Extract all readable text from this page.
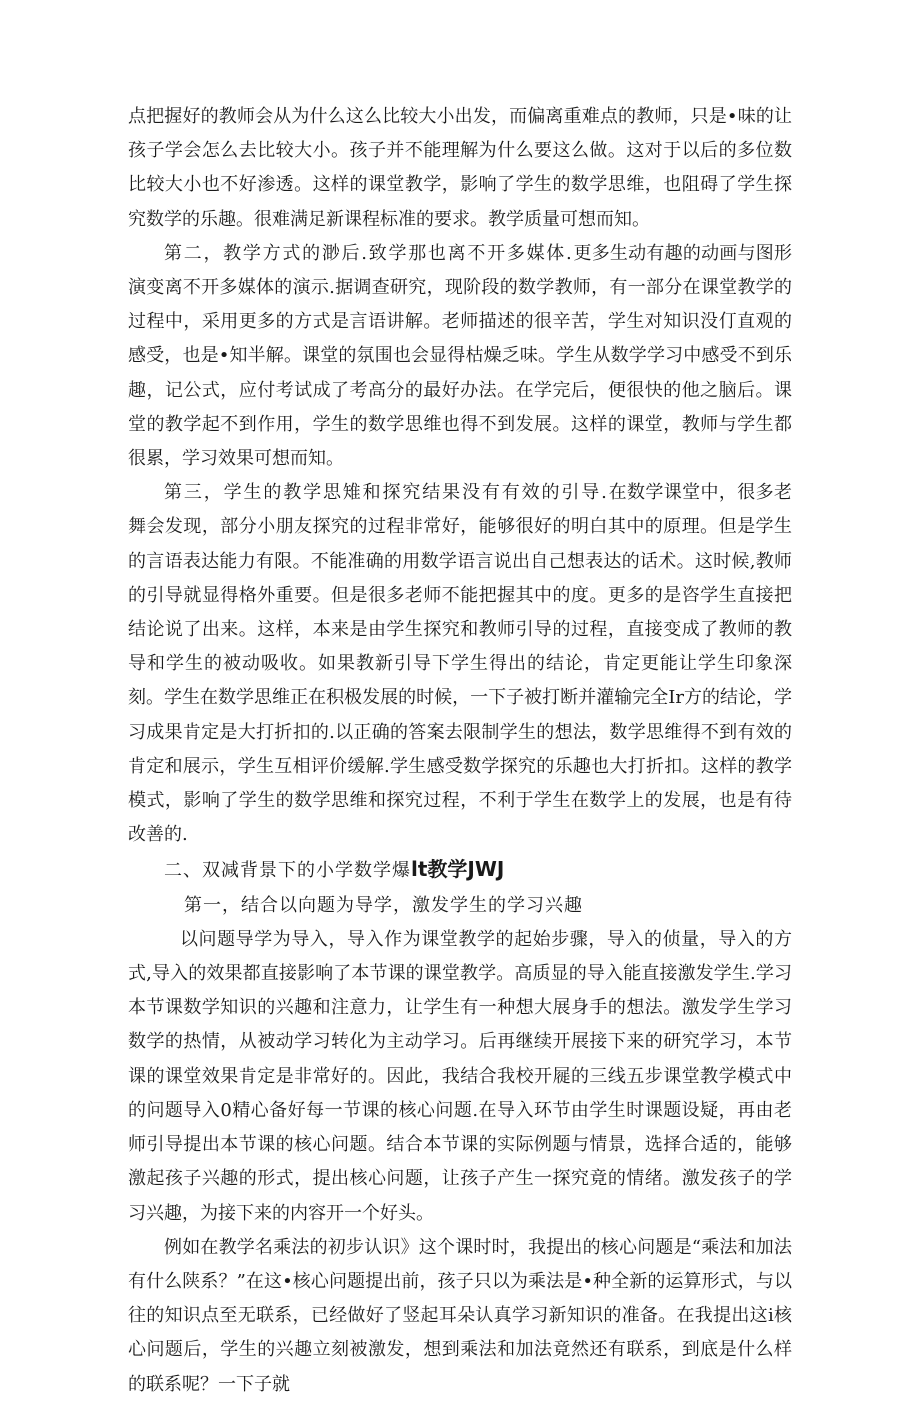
点把握好的教师会从为什么这么比较大小出发，而偏离重难点的教师，只是•味的让孩子学会怎么去比较大小。孩子并不能理解为什么要这么做。这对于以后的多位数比较大小也不好渗透。这样的课堂教学，影响了学生的数学思维，也阻碍了学生探究数学的乐趣。很难满足新课程标准的要求。教学质量可想而知。

第二，教学方式的渺后.致学那也离不开多媒体.更多生动有趣的动画与图形演变离不开多媒体的演示.据调查研究，现阶段的数学教师，有一部分在课堂教学的过程中，采用更多的方式是言语讲解。老师描述的很辛苦，学生对知识没仃直观的感受，也是•知半解。课堂的氛围也会显得枯燥乏味。学生从数学学习中感受不到乐趣，记公式，应付考试成了考高分的最好办法。在学完后，便很快的他之脑后。课堂的教学起不到作用，学生的数学思维也得不到发展。这样的课堂，教师与学生都很累，学习效果可想而知。

第三，学生的教学思雉和探究结果没有有效的引导.在数学课堂中，很多老舞会发现，部分小朋友探究的过程非常好，能够很好的明白其中的原理。但是学生的言语表达能力有限。不能准确的用数学语言说出自己想表达的话术。这时候,教师的引导就显得格外重要。但是很多老师不能把握其中的度。更多的是咨学生直接把结论说了出来。这样，本来是由学生探究和教师引导的过程，直接变成了教师的教导和学生的被动吸收。如果教新引导下学生得出的结论，肯定更能让学生印象深刻。学生在数学思维正在积极发展的时候，一下子被打断并灌输完全Ir方的结论，学习成果肯定是大打折扣的.以正确的答案去限制学生的想法，数学思维得不到有效的肯定和展示，学生互相评价缓解.学生感受数学探究的乐趣也大打折扣。这样的教学模式，影响了学生的数学思维和探究过程，不利于学生在数学上的发展，也是有待改善的.

二、双减背景下的小学数学爆lt教学JWJ

第一，结合以向题为导学，激发学生的学习兴趣

以问题导学为导入，导入作为课堂教学的起始步骤，导入的侦量，导入的方式,导入的效果都直接影响了本节课的课堂教学。高质显的导入能直接激发学生.学习本节课数学知识的兴趣和注意力，让学生有一种想大展身手的想法。激发学生学习数学的热情，从被动学习转化为主动学习。后再继续开展接下来的研究学习，本节课的课堂效果肯定是非常好的。因此，我结合我校开屣的三线五步课堂教学模式中的问题导入0精心备好每一节课的核心问题.在导入环节由学生时课题设疑，再由老师引导提出本节课的核心问题。结合本节课的实际例题与情景，选择合适的，能够激起孩子兴趣的形式，提出核心问题，让孩子产生一探究竟的情绪。激发孩子的学习兴趣，为接下来的内容开一个好头。

例如在教学名乘法的初步认识》这个课时时，我提出的核心问题是“乘法和加法有什么陕系？”在这•核心问题提出前，孩子只以为乘法是•种全新的运算形式，与以往的知识点至无联系，已经做好了竖起耳朵认真学习新知识的准备。在我提出这i核心问题后，学生的兴趣立刻被激发，想到乘法和加法竟然还有联系，到底是什么样的联系呢？一下子就
